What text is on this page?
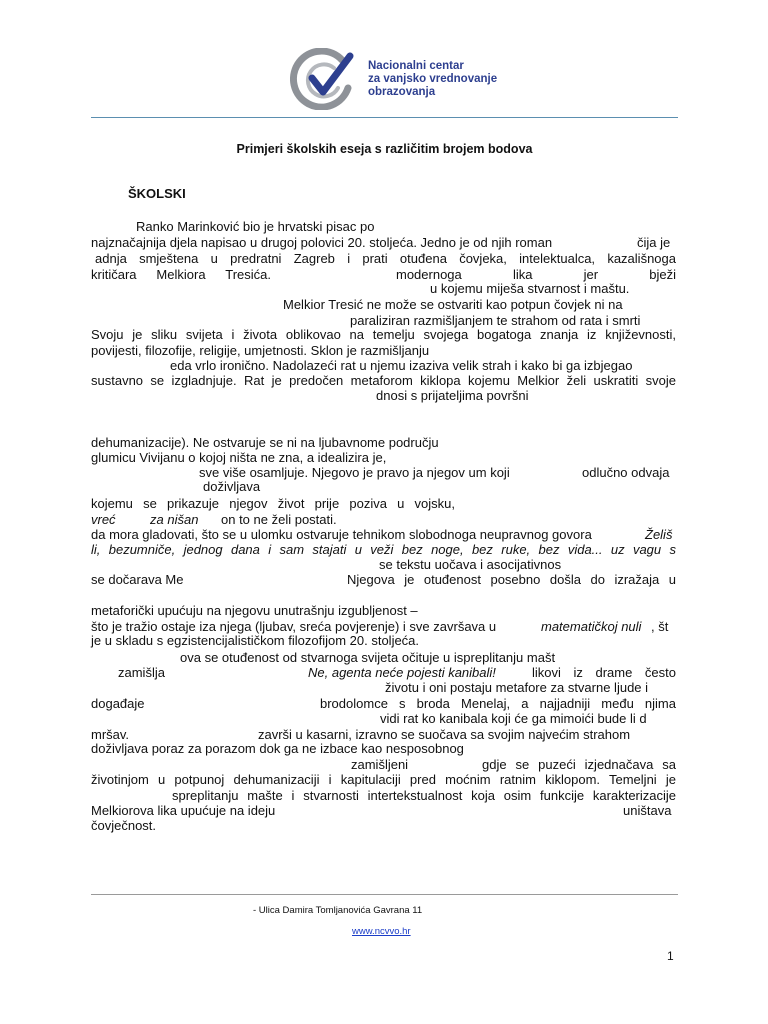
Nacionalni centar
za vanjsko vrednovanje
obrazovanja
Primjeri školskih eseja s različitim brojem bodova
ŠKOLSKI
Ranko Marinković bio je hrvatski pisac po
najznačajnija djela napisao u drugoj polovici 20. stoljeća. Jedno je od njih roman	čija je
adnja smještena u predratni Zagreb i prati otuđena čovjeka, intelektualca, kazališnoga
kritičara Melkiora Tresića.	modernoga lika jer bježi
u kojemu miješa stvarnost i maštu.
Melkior Tresić ne može se ostvariti kao potpun čovjek ni na
paraliziran razmišljanjem te strahom od rata i smrti
Svoju je sliku svijeta i života oblikovao na temelju svojega bogatoga znanja iz književnosti,
povijesti, filozofije, religije, umjetnosti. Sklon je razmišljanju
eda vrlo ironično. Nadolazeći rat u njemu izaziva velik strah i kako bi ga izbjegao
sustavno se izgladnjuje. Rat je predočen metaforom kiklopa kojemu Melkior želi uskratiti svoje
dnosi s prijateljima površni
dehumanizacije). Ne ostvaruje se ni na ljubavnome području
glumicu Vivijanu o kojoj ništa ne zna, a idealizira je,
sve više osamljuje. Njegovo je pravo ja njegov um koji	odlučno odvaja
doživljava
kojemu se prikazuje njegov život prije poziva u vojsku,
vreć	za nišan on to ne želi postati.
da mora gladovati, što se u ulomku ostvaruje tehnikom slobodnoga neupravnog govora	Želiš
li, bezumniče, jednog dana i sam stajati u veži bez noge, bez ruke, bez vida... uz vagu s
se tekstu uočava i asocijativnos
se dočarava Me	Njegova je otuđenost posebno došla do izražaja u
metaforički upućuju na njegovu unutrašnju izgubljenost –
što je tražio ostaje iza njega (ljubav, sreća povjerenje) i sve završava u	matematičkoj nuli , št
je u skladu s egzistencijalističkom filozofijom 20. stoljeća.
ova se otuđenost od stvarnoga svijeta očituje u ispreplitanju mašt
zamišlja	Ne, agenta neće pojesti kanibali!	likovi iz drame često
životu i oni postaju metafore za stvarne ljude i
događaje	brodolomce s broda Menelaj, a najjadniji među njima
vidi rat ko kanibala koji će ga mimoići bude li d
mršav.	završi u kasarni, izravno se suočava sa svojim najvećim strahom
doživljava poraz za porazom dok ga ne izbace kao nesposobnog
zamišljeni	gdje se puzeći izjednačava sa
životinjom u potpunoj dehumanizaciji i kapitulaciji pred moćnim ratnim kiklopom. Temeljni je
spreplitanju mašte i stvarnosti intertekstualnost koja osim funkcije karakterizacije
Melkiorova lika upućuje na ideju	uništava
čovječnost.
- Ulica Damira Tomljanovića Gavrana 11
www.ncvvo.hr
1
